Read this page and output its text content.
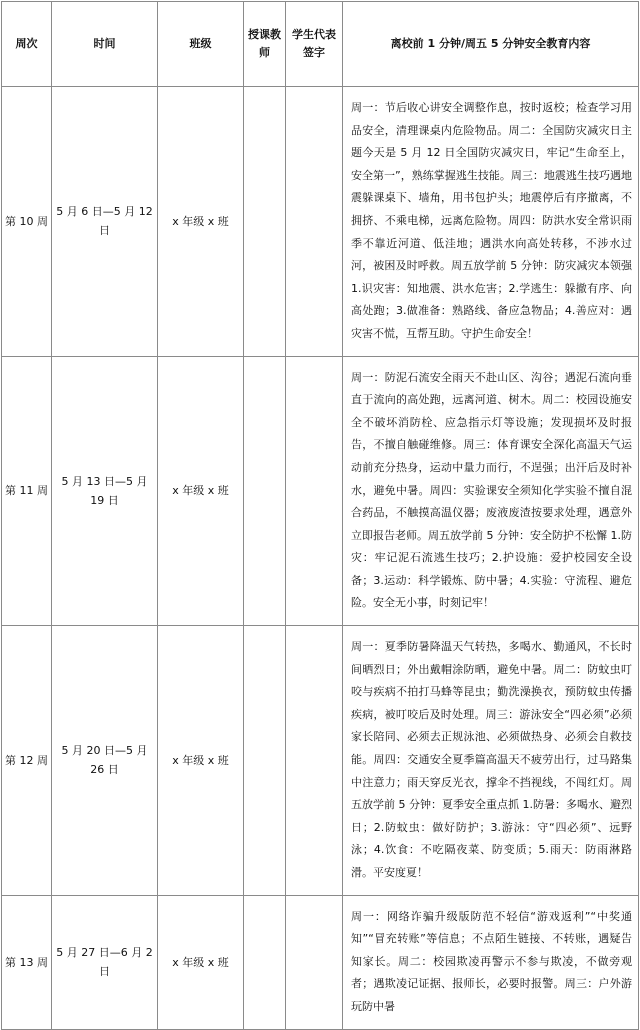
周次	时间	班级	授课教师	学生代表签字	离校前 1 分钟/周五 5 分钟安全教育内容
第 10 周	5 月 6 日—5 月 12 日	x 年级 x 班			周一：节后收心讲安全调整作息，按时返校；检查学习用品安全，清理课桌内危险物品。周二：全国防灾减灾日主题今天是 5 月 12 日全国防灾减灾日，牢记“生命至上，安全第一”，熟练掌握逃生技能。周三：地震逃生技巧遇地震躲课桌下、墙角，用书包护头；地震停后有序撤离，不拥挤、不乘电梯，远离危险物。周四：防洪水安全常识雨季不靠近河道、低洼地；遇洪水向高处转移，不涉水过河，被困及时呼救。周五放学前 5 分钟：防灾减灾本领强 1.识灾害：知地震、洪水危害；2.学逃生：躲撤有序、向高处跑；3.做准备：熟路线、备应急物品；4.善应对：遇灾害不慌，互帮互助。守护生命安全！
第 11 周	5 月 13 日—5 月 19 日	x 年级 x 班			周一：防泥石流安全雨天不赴山区、沟谷；遇泥石流向垂直于流向的高处跑，远离河道、树木。周二：校园设施安全不破坏消防栓、应急指示灯等设施；发现损坏及时报告，不擅自触碰维修。周三：体育课安全深化高温天气运动前充分热身，运动中量力而行，不逞强；出汗后及时补水，避免中暑。周四：实验课安全须知化学实验不擅自混合药品，不触摸高温仪器；废液废渣按要求处理，遇意外立即报告老师。周五放学前 5 分钟：安全防护不松懈 1.防灾：牢记泥石流逃生技巧；2.护设施：爱护校园安全设备；3.运动：科学锻炼、防中暑；4.实验：守流程、避危险。安全无小事，时刻记牢！
第 12 周	5 月 20 日—5 月 26 日	x 年级 x 班			周一：夏季防暑降温天气转热，多喝水、勤通风，不长时间晒烈日；外出戴帽涂防晒，避免中暑。周二：防蚊虫叮咬与疾病不拍打马蜂等昆虫；勤洗澡换衣，预防蚊虫传播疾病，被叮咬后及时处理。周三：游泳安全“四必须”必须家长陪同、必须去正规泳池、必须做热身、必须会自救技能。周四：交通安全夏季篇高温天不疲劳出行，过马路集中注意力；雨天穿反光衣，撑伞不挡视线，不闯红灯。周五放学前 5 分钟：夏季安全重点抓 1.防暑：多喝水、避烈日；2.防蚊虫：做好防护；3.游泳：守“四必须”、远野泳；4.饮食：不吃隔夜菜、防变质；5.雨天：防雨淋路滑。平安度夏！
第 13 周	5 月 27 日—6 月 2 日	x 年级 x 班			周一：网络诈骗升级版防范不轻信“游戏返利”“中奖通知”“冒充转账”等信息；不点陌生链接、不转账，遇疑告知家长。周二：校园欺凌再警示不参与欺凌，不做旁观者；遇欺凌记证据、报师长，必要时报警。周三：户外游玩防中暑
